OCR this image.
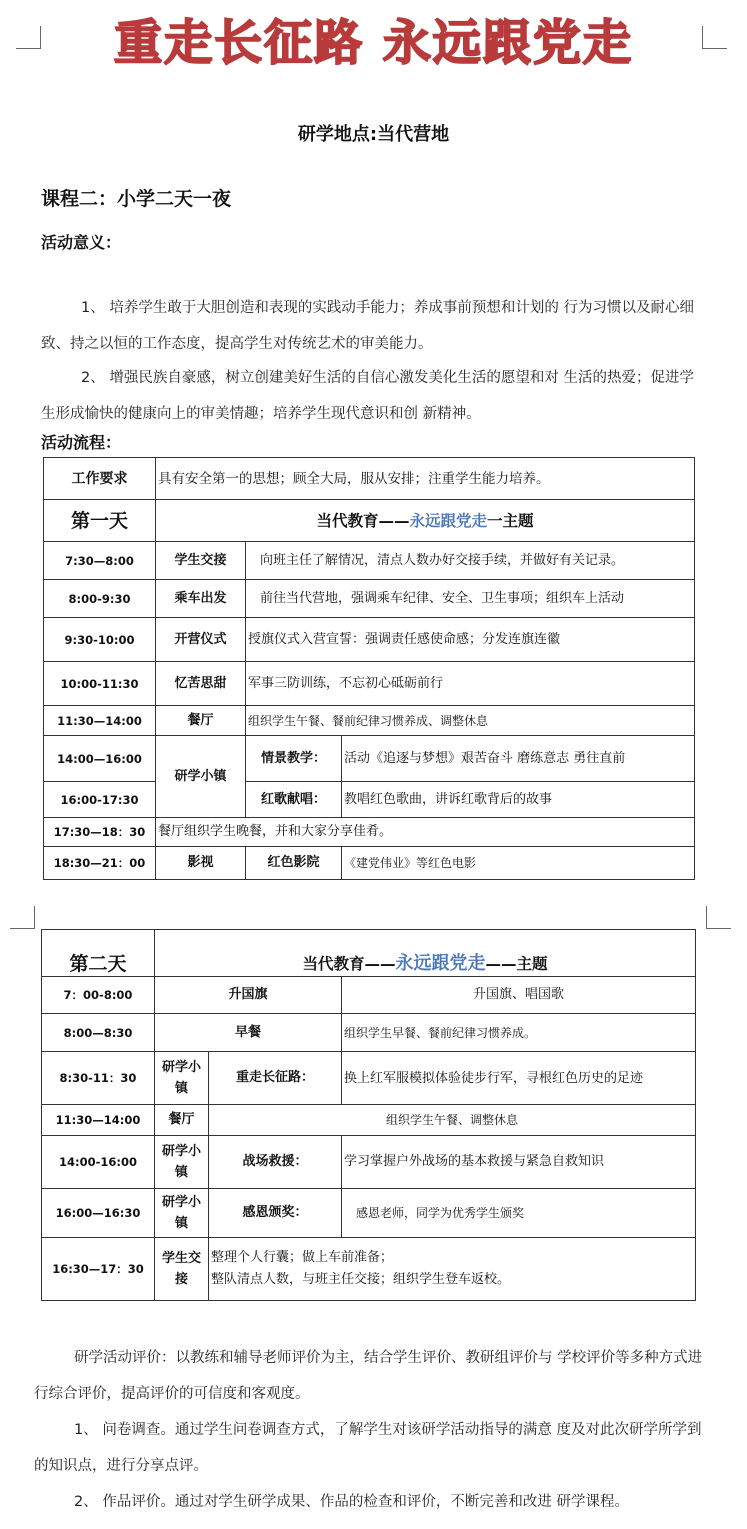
重走长征路 永远跟党走
研学地点:当代营地
课程二：小学二天一夜
活动意义：
1、 培养学生敢于大胆创造和表现的实践动手能力；养成事前预想和计划的 行为习惯以及耐心细致、持之以恒的工作态度，提高学生对传统艺术的审美能力。
2、 增强民族自豪感，树立创建美好生活的自信心激发美化生活的愿望和对 生活的热爱；促进学生形成愉快的健康向上的审美情趣；培养学生现代意识和创 新精神。
活动流程：
工作要求	具有安全第一的思想；顾全大局，服从安排；注重学生能力培养。		
第一天	当代教育——永远跟党走一主题		
7:30—8:00	学生交接	向班主任了解情况，清点人数办好交接手续，并做好有关记录。	
8:00-9:30	乘车出发	前往当代营地，强调乘车纪律、安全、卫生事项；组织车上活动	
9:30-10:00	开营仪式	授旗仪式入营宣誓：强调责任感使命感；分发连旗连徽	
10:00-11:30	忆苦思甜	军事三防训练，不忘初心砥砺前行	
11:30—14:00	餐厅	组织学生午餐、餐前纪律习惯养成、调整休息	
14:00—16:00	研学小镇	情景教学：	活动《追逐与梦想》艰苦奋斗 磨练意志 勇往直前
16:00-17:30		红歌献唱：	教唱红色歌曲，讲诉红歌背后的故事
17:30—18：30	餐厅组织学生晚餐，并和大家分享佳肴。		
18:30—21：00	影视	红色影院	《建党伟业》等红色电影
第二天	当代教育——永远跟党走——主题		
7：00-8:00	升国旗		升国旗、唱国歌
8:00—8:30	早餐		组织学生早餐、餐前纪律习惯养成。
8:30-11：30	研学小镇	重走长征路：	换上红军服模拟体验徒步行军，寻根红色历史的足迹
11:30—14:00	餐厅	组织学生午餐、调整休息	
14:00-16:00	研学小镇	战场救援：	学习掌握户外战场的基本救援与紧急自救知识
16:00—16:30	研学小镇	感恩颁奖：	感恩老师，同学为优秀学生颁奖
16:30—17：30	学生交接	整理个人行囊；做上车前准备；
整队清点人数，与班主任交接；组织学生登车返校。	
研学活动评价：以教练和辅导老师评价为主，结合学生评价、教研组评价与 学校评价等多种方式进行综合评价，提高评价的可信度和客观度。
1、 问卷调查。通过学生问卷调查方式，了解学生对该研学活动指导的满意 度及对此次研学所学到的知识点，进行分享点评。
2、 作品评价。通过对学生研学成果、作品的检查和评价，不断完善和改进 研学课程。
